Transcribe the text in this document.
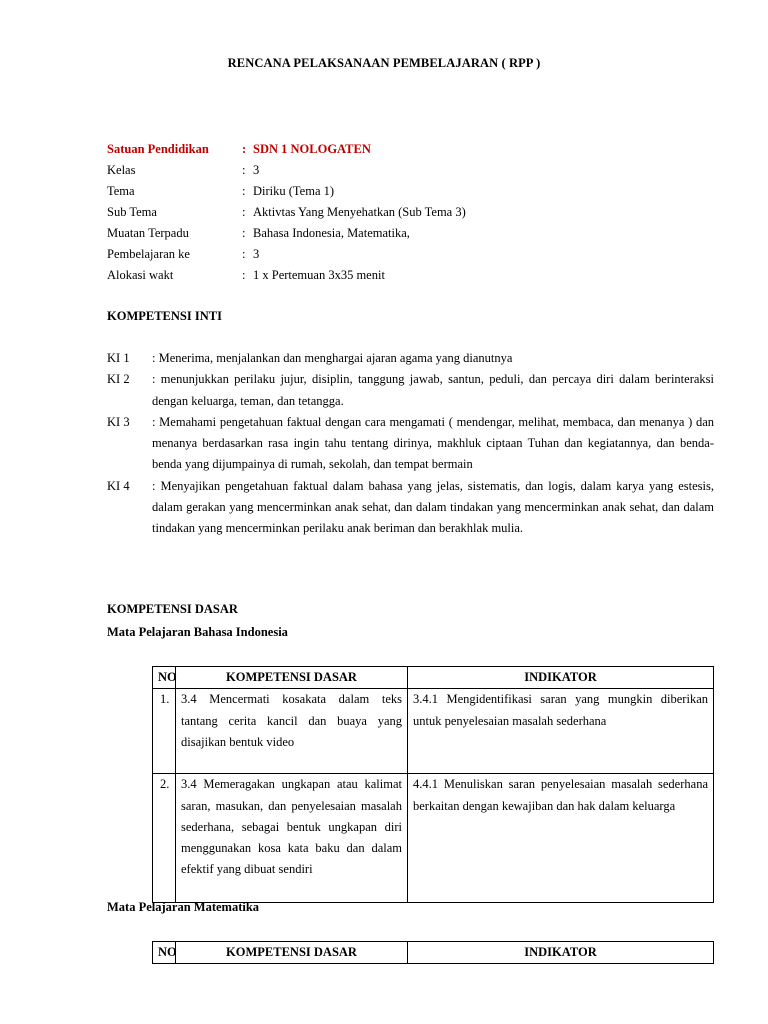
RENCANA PELAKSANAAN PEMBELAJARAN ( RPP )
Satuan Pendidikan	: SDN 1 NOLOGATEN
Kelas	: 3
Tema	: Diriku (Tema 1)
Sub Tema	: Aktivtas Yang Menyehatkan (Sub Tema 3)
Muatan Terpadu	: Bahasa Indonesia, Matematika,
Pembelajaran ke	: 3
Alokasi wakt	: 1 x Pertemuan 3x35 menit
KOMPETENSI INTI
KI 1	: Menerima, menjalankan dan menghargai ajaran agama yang dianutnya
KI 2	: menunjukkan perilaku jujur, disiplin, tanggung jawab, santun, peduli, dan percaya diri dalam berinteraksi dengan keluarga, teman, dan tetangga.
KI 3	: Memahami pengetahuan faktual dengan cara mengamati ( mendengar, melihat, membaca, dan menanya ) dan menanya berdasarkan rasa ingin tahu tentang dirinya, makhluk ciptaan Tuhan dan kegiatannya, dan benda-benda yang dijumpainya di rumah, sekolah, dan tempat bermain
KI 4	: Menyajikan pengetahuan faktual dalam bahasa yang jelas, sistematis, dan logis, dalam karya yang estesis, dalam gerakan yang mencerminkan anak sehat, dan dalam tindakan yang mencerminkan anak sehat, dan dalam tindakan yang mencerminkan perilaku anak beriman dan berakhlak mulia.
KOMPETENSI DASAR
Mata Pelajaran Bahasa Indonesia
NO	KOMPETENSI DASAR	INDIKATOR
1.	3.4 Mencermati kosakata dalam teks tantang cerita kancil dan buaya yang disajikan bentuk video	3.4.1 Mengidentifikasi saran yang mungkin diberikan untuk penyelesaian masalah sederhana
2.	3.4 Memeragakan ungkapan atau kalimat saran, masukan, dan penyelesaian masalah sederhana, sebagai bentuk ungkapan diri menggunakan kosa kata baku dan dalam efektif yang dibuat sendiri	4.4.1 Menuliskan saran penyelesaian masalah sederhana berkaitan dengan kewajiban dan hak dalam keluarga
Mata Pelajaran Matematika
NO	KOMPETENSI DASAR	INDIKATOR
